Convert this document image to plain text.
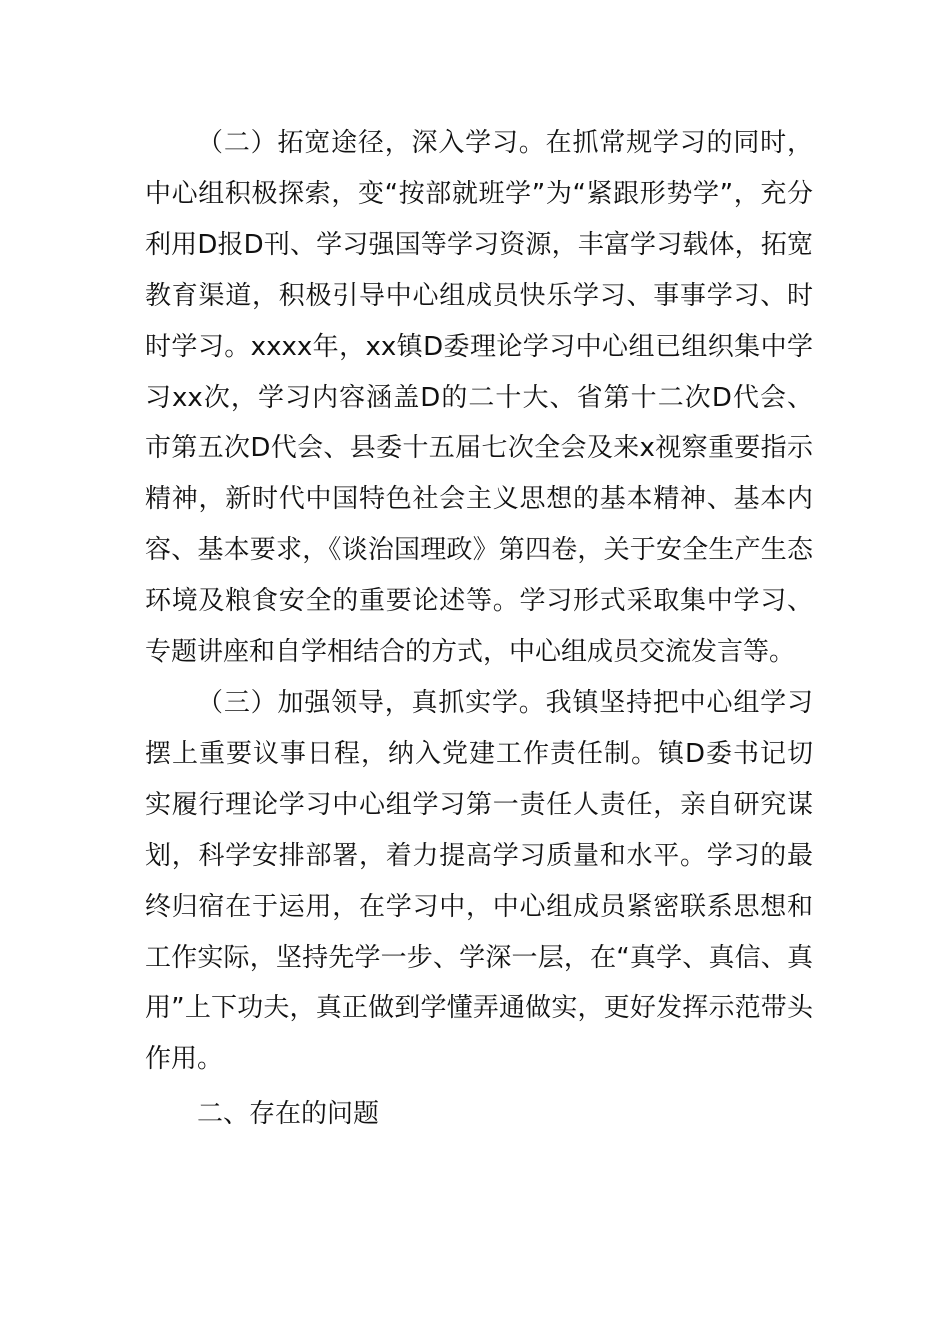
（二）拓宽途径，深入学习。在抓常规学习的同时，中心组积极探索，变“按部就班学”为“紧跟形势学”，充分利用D报D刊、学习强国等学习资源，丰富学习载体，拓宽教育渠道，积极引导中心组成员快乐学习、事事学习、时时学习。xxxx年，xx镇D委理论学习中心组已组织集中学习xx次，学习内容涵盖D的二十大、省第十二次D代会、市第五次D代会、县委十五届七次全会及来x视察重要指示精神，新时代中国特色社会主义思想的基本精神、基本内容、基本要求，《谈治国理政》第四卷，关于安全生产生态环境及粮食安全的重要论述等。学习形式采取集中学习、专题讲座和自学相结合的方式，中心组成员交流发言等。

（三）加强领导，真抓实学。我镇坚持把中心组学习摆上重要议事日程，纳入党建工作责任制。镇D委书记切实履行理论学习中心组学习第一责任人责任，亲自研究谋划，科学安排部署，着力提高学习质量和水平。学习的最终归宿在于运用，在学习中，中心组成员紧密联系思想和工作实际，坚持先学一步、学深一层，在“真学、真信、真用”上下功夫，真正做到学懂弄通做实，更好发挥示范带头作用。

二、存在的问题
